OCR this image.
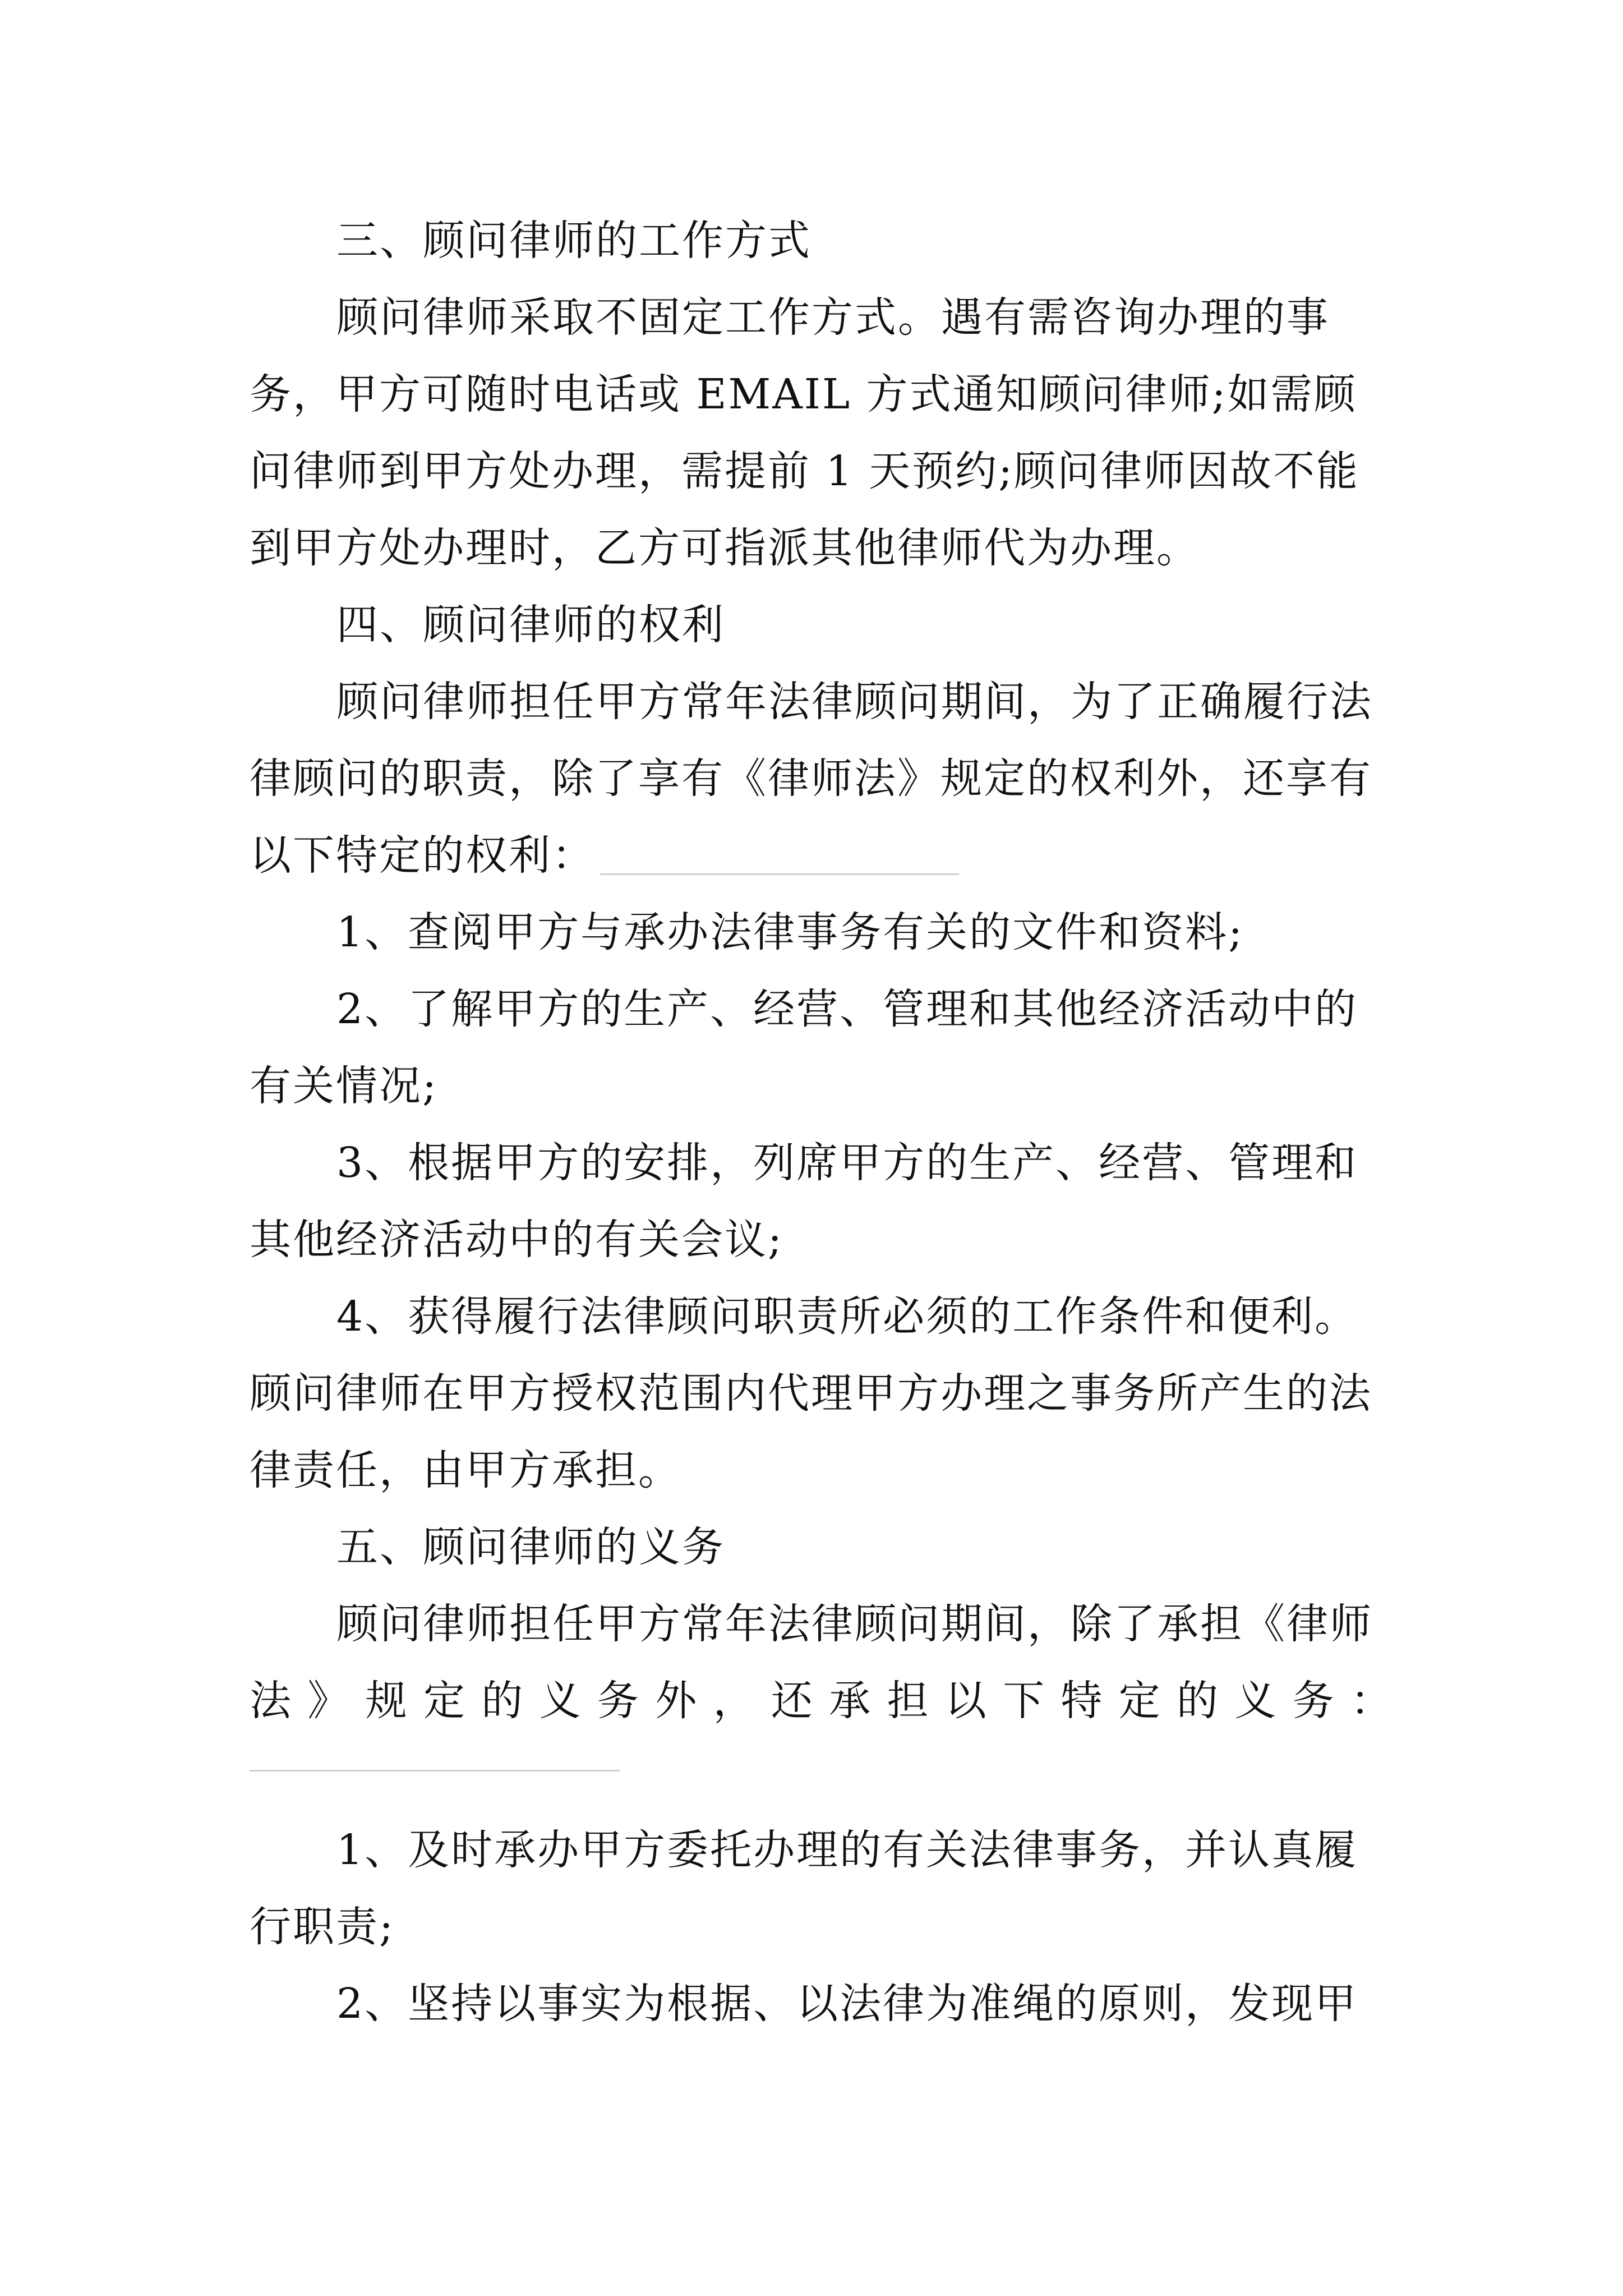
三、顾问律师的工作方式

顾问律师采取不固定工作方式。遇有需咨询办理的事务，甲方可随时电话或 EMAIL 方式通知顾问律师;如需顾问律师到甲方处办理，需提前 1 天预约;顾问律师因故不能到甲方处办理时，乙方可指派其他律师代为办理。

四、顾问律师的权利

顾问律师担任甲方常年法律顾问期间，为了正确履行法律顾问的职责，除了享有《律师法》规定的权利外，还享有以下特定的权利：

1、查阅甲方与承办法律事务有关的文件和资料;

2、了解甲方的生产、经营、管理和其他经济活动中的有关情况;

3、根据甲方的安排，列席甲方的生产、经营、管理和其他经济活动中的有关会议;

4、获得履行法律顾问职责所必须的工作条件和便利。顾问律师在甲方授权范围内代理甲方办理之事务所产生的法律责任，由甲方承担。

五、顾问律师的义务
顾问律师担任甲方常年法律顾问期间，除了承担《律师
法 》 规 定 的 义 务 外 ， 还 承 担 以 下 特 定 的 义 务 ：

1、及时承办甲方委托办理的有关法律事务，并认真履行职责;

2、坚持以事实为根据、以法律为准绳的原则，发现甲
